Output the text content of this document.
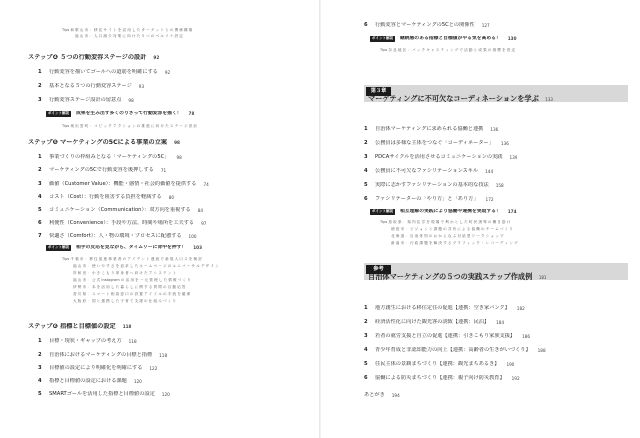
Tips 和 歌 山 市 ： 移 住 サ イ ト を 活 用 し た タ ー ゲ ッ ト と の 関 係 構 築
福 山 市 ： 人 口 減 少 対 策 に 向 け た ５ つ の ペ ル ソ ナ 設 定
ステップ❹ ５つの行動変容ステージの設計 92
1	行動変容を描いてゴールへの道筋を明確にする 92
2	基本となる５つの行動変容ステージ 93
3	行動変容ステージ設計の留意点 98
ポイント解説	成果を生み出す多くのりさって行動変容を描く！ 78
Tips 奥 出 雲 町 ： コ ピ ッ ク ア ク シ ョ ン の 推 進 に 向 け た ス テ ー ジ 設 計
ステップ❺ マーケティングの5Cによる事業の立案 98
1	事業づくりの枠組みとなる「マーケティングの5C」 98
2	マーケティングの5Cで行動変容を後押しする 71
3	価値（Customer Value）：機能・感情・社会的価値を提供する 74
4	コスト（Cost）：行動を阻害する負担を軽減する 80
5	コミュニケーション（Communication）：双方向を重視する 84
6	利便性（Convenience）：手段や方法、時間や場所を工夫する 97
7	快適さ（Comfort）：人・物の環境・プロセスに配慮する 100
ポイント解説	相手の反応を見ながら、タイムリーに背中を押す！ 103
Tips 千 葉 市 ： 移 住 促 進 事 業 者 の ア イ デ ン ト 連 続 で 新 規 人 口 ス を 検 討
福 山 市 ： 使 い や す さ を 追 求 し た ホ ー ム ペ ー ジ の ユ ニ バ ー サ ル デ ザ イ ン
岸 和 田 ： 小 き こ も り 単 身 者 へ 向 け た ア シ ス テ ン ト
福 山 市 ： 公 式 Instagram の 活 用 を 一 元 管 理 し た 情 報 づ く り
伊 勢 市 ： 本 を 活 用 し た 暮 ら し に 関 す る 質 問 の 自 動 応 答
香 川 県 ： ス マ ー ト 相 談 窓 口 の 設 置 ア イ ド ル の 手 続 を 確 保
大 阪 府 ： 国 と 連 携 し た 子 育 て 支 援 の 仕 組 み づ く り
ステップ❻ 指標と目標値の設定 118
1	目標・現状・ギャップの考え方 118
2	自治体におけるマーケティングの目標と指標 118
3	目標値の設定により明確化を明確にする 122
4	指標と目標値の設定における課題 120
5	SMARTゴールを活用した指標と目標値の設定 120
6	行動変容とマーケティングの5Cとの関係性 127
ポイント解説	継続感のある指標と目標値がやる気を高める！ 130
Tips 奈 良 地 区 ： バ ッ ク キ ャ ス テ ィ ン グ で 活 動 と 成 果 の 指 標 を 設 定
第３章
マーケティングに不可欠なコーディネーションを学ぶ 133
1	自治体マーケティングに求められる協働と連携 136
2	公務員は多様な主体をつなぐ「コーディネーター」 136
3	PDCAサイクルを活用させるコミュニケーションの実践 139
4	公務員に不可欠なファシリテーションスキル 144
5	実際に志かすファシリテーションの基本的な技法 158
6	ファシリテーターの「やり方」と「あり方」 172
ポイント解説	相互理解の実践により協働や連携を実現する！ 174
Tips 鳥 取 県 ： 県 内 住 学 を 現 場 で 利 か と し た 町 民 誘 導 の 働 き 掛 け
徳 島 市 ： ビ ジ ョ ン と 課 題 の 共 有 に よ る 協 働 の チ ー ム づ く り
北 海 道 ： 自 治 体 別 の お か ら な ぶ 対 話 型 ワ ー ク シ ョ ッ プ
新 潟 市 ： 行 政 課 題 を 解 決 す る グ ラ フ ィ ッ ク ・ レ コ ー デ ィ ン グ
参考
自治体マーケティングの５つの実践ステップ作成例 181
1	地方創生における移住定住の促進【連携：空き家バンク】 182
2	経済活性化に向けた観光客の誘致【連携：民泊】 184
3	若者の就労支援と自立の促進【連携：引きこもり家族支援】 186
4	青少年育成と非認知能力の向上【連携：高齢者の生きがいづくり】 188
5	住民主体の景観まちづくり【連携：観光まちあるき】 190
6	協働による防災まちづくり【連携：親子向け防災教育】 192
あとがき 194
